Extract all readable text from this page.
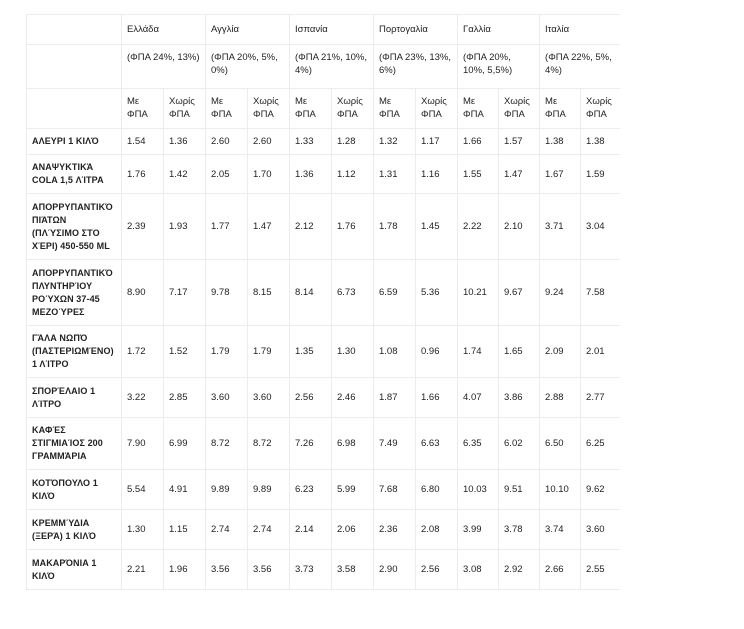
	Ελλάδα		Αγγλία		Ισπανία		Πορτογαλία		Γαλλία		Ιταλία	
	(ΦΠΑ 24%, 13%)		(ΦΠΑ 20%, 5%, 0%)		(ΦΠΑ 21%, 10%, 4%)		(ΦΠΑ 23%, 13%, 6%)		(ΦΠΑ 20%, 10%, 5,5%)		(ΦΠΑ 22%, 5%, 4%)	
	Με ΦΠΑ	Χωρίς ΦΠΑ	Με ΦΠΑ	Χωρίς ΦΠΑ	Με ΦΠΑ	Χωρίς ΦΠΑ	Με ΦΠΑ	Χωρίς ΦΠΑ	Με ΦΠΑ	Χωρίς ΦΠΑ	Με ΦΠΑ	Χωρίς ΦΠΑ
ΑΛΕΥΡΙ 1 ΚΙΛΌ	1.54	1.36	2.60	2.60	1.33	1.28	1.32	1.17	1.66	1.57	1.38	1.38
ΑΝΑΨΥΚΤΙΚΆ COLA 1,5 ΛΊΤΡΑ	1.76	1.42	2.05	1.70	1.36	1.12	1.31	1.16	1.55	1.47	1.67	1.59
ΑΠΟΡΡΥΠΑΝΤΙΚΌ ΠΙΆΤΩΝ (ΠΛΎΣΙΜΟ ΣΤΟ ΧΈΡΙ) 450-550 ML	2.39	1.93	1.77	1.47	2.12	1.76	1.78	1.45	2.22	2.10	3.71	3.04
ΑΠΟΡΡΥΠΑΝΤΙΚΌ ΠΛΥΝΤΗΡΊΟΥ ΡΟΎΧΩΝ 37-45 ΜΕΖΟΎΡΕΣ	8.90	7.17	9.78	8.15	8.14	6.73	6.59	5.36	10.21	9.67	9.24	7.58
ΓΆΛΑ ΝΩΠΌ (ΠΑΣΤΕΡΙΩΜΈΝΟ) 1 ΛΊΤΡΟ	1.72	1.52	1.79	1.79	1.35	1.30	1.08	0.96	1.74	1.65	2.09	2.01
ΣΠΟΡΈΛΑΙΟ 1 ΛΊΤΡΟ	3.22	2.85	3.60	3.60	2.56	2.46	1.87	1.66	4.07	3.86	2.88	2.77
ΚΑΦΈΣ ΣΤΙΓΜΙΑΊΟΣ 200 ΓΡΑΜΜΆΡΙΑ	7.90	6.99	8.72	8.72	7.26	6.98	7.49	6.63	6.35	6.02	6.50	6.25
ΚΟΤΌΠΟΥΛΟ 1 ΚΙΛΌ	5.54	4.91	9.89	9.89	6.23	5.99	7.68	6.80	10.03	9.51	10.10	9.62
ΚΡΕΜΜΎΔΙΑ (ΞΕΡΆ) 1 ΚΙΛΌ	1.30	1.15	2.74	2.74	2.14	2.06	2.36	2.08	3.99	3.78	3.74	3.60
ΜΑΚΑΡΌΝΙΑ 1 ΚΙΛΌ	2.21	1.96	3.56	3.56	3.73	3.58	2.90	2.56	3.08	2.92	2.66	2.55
